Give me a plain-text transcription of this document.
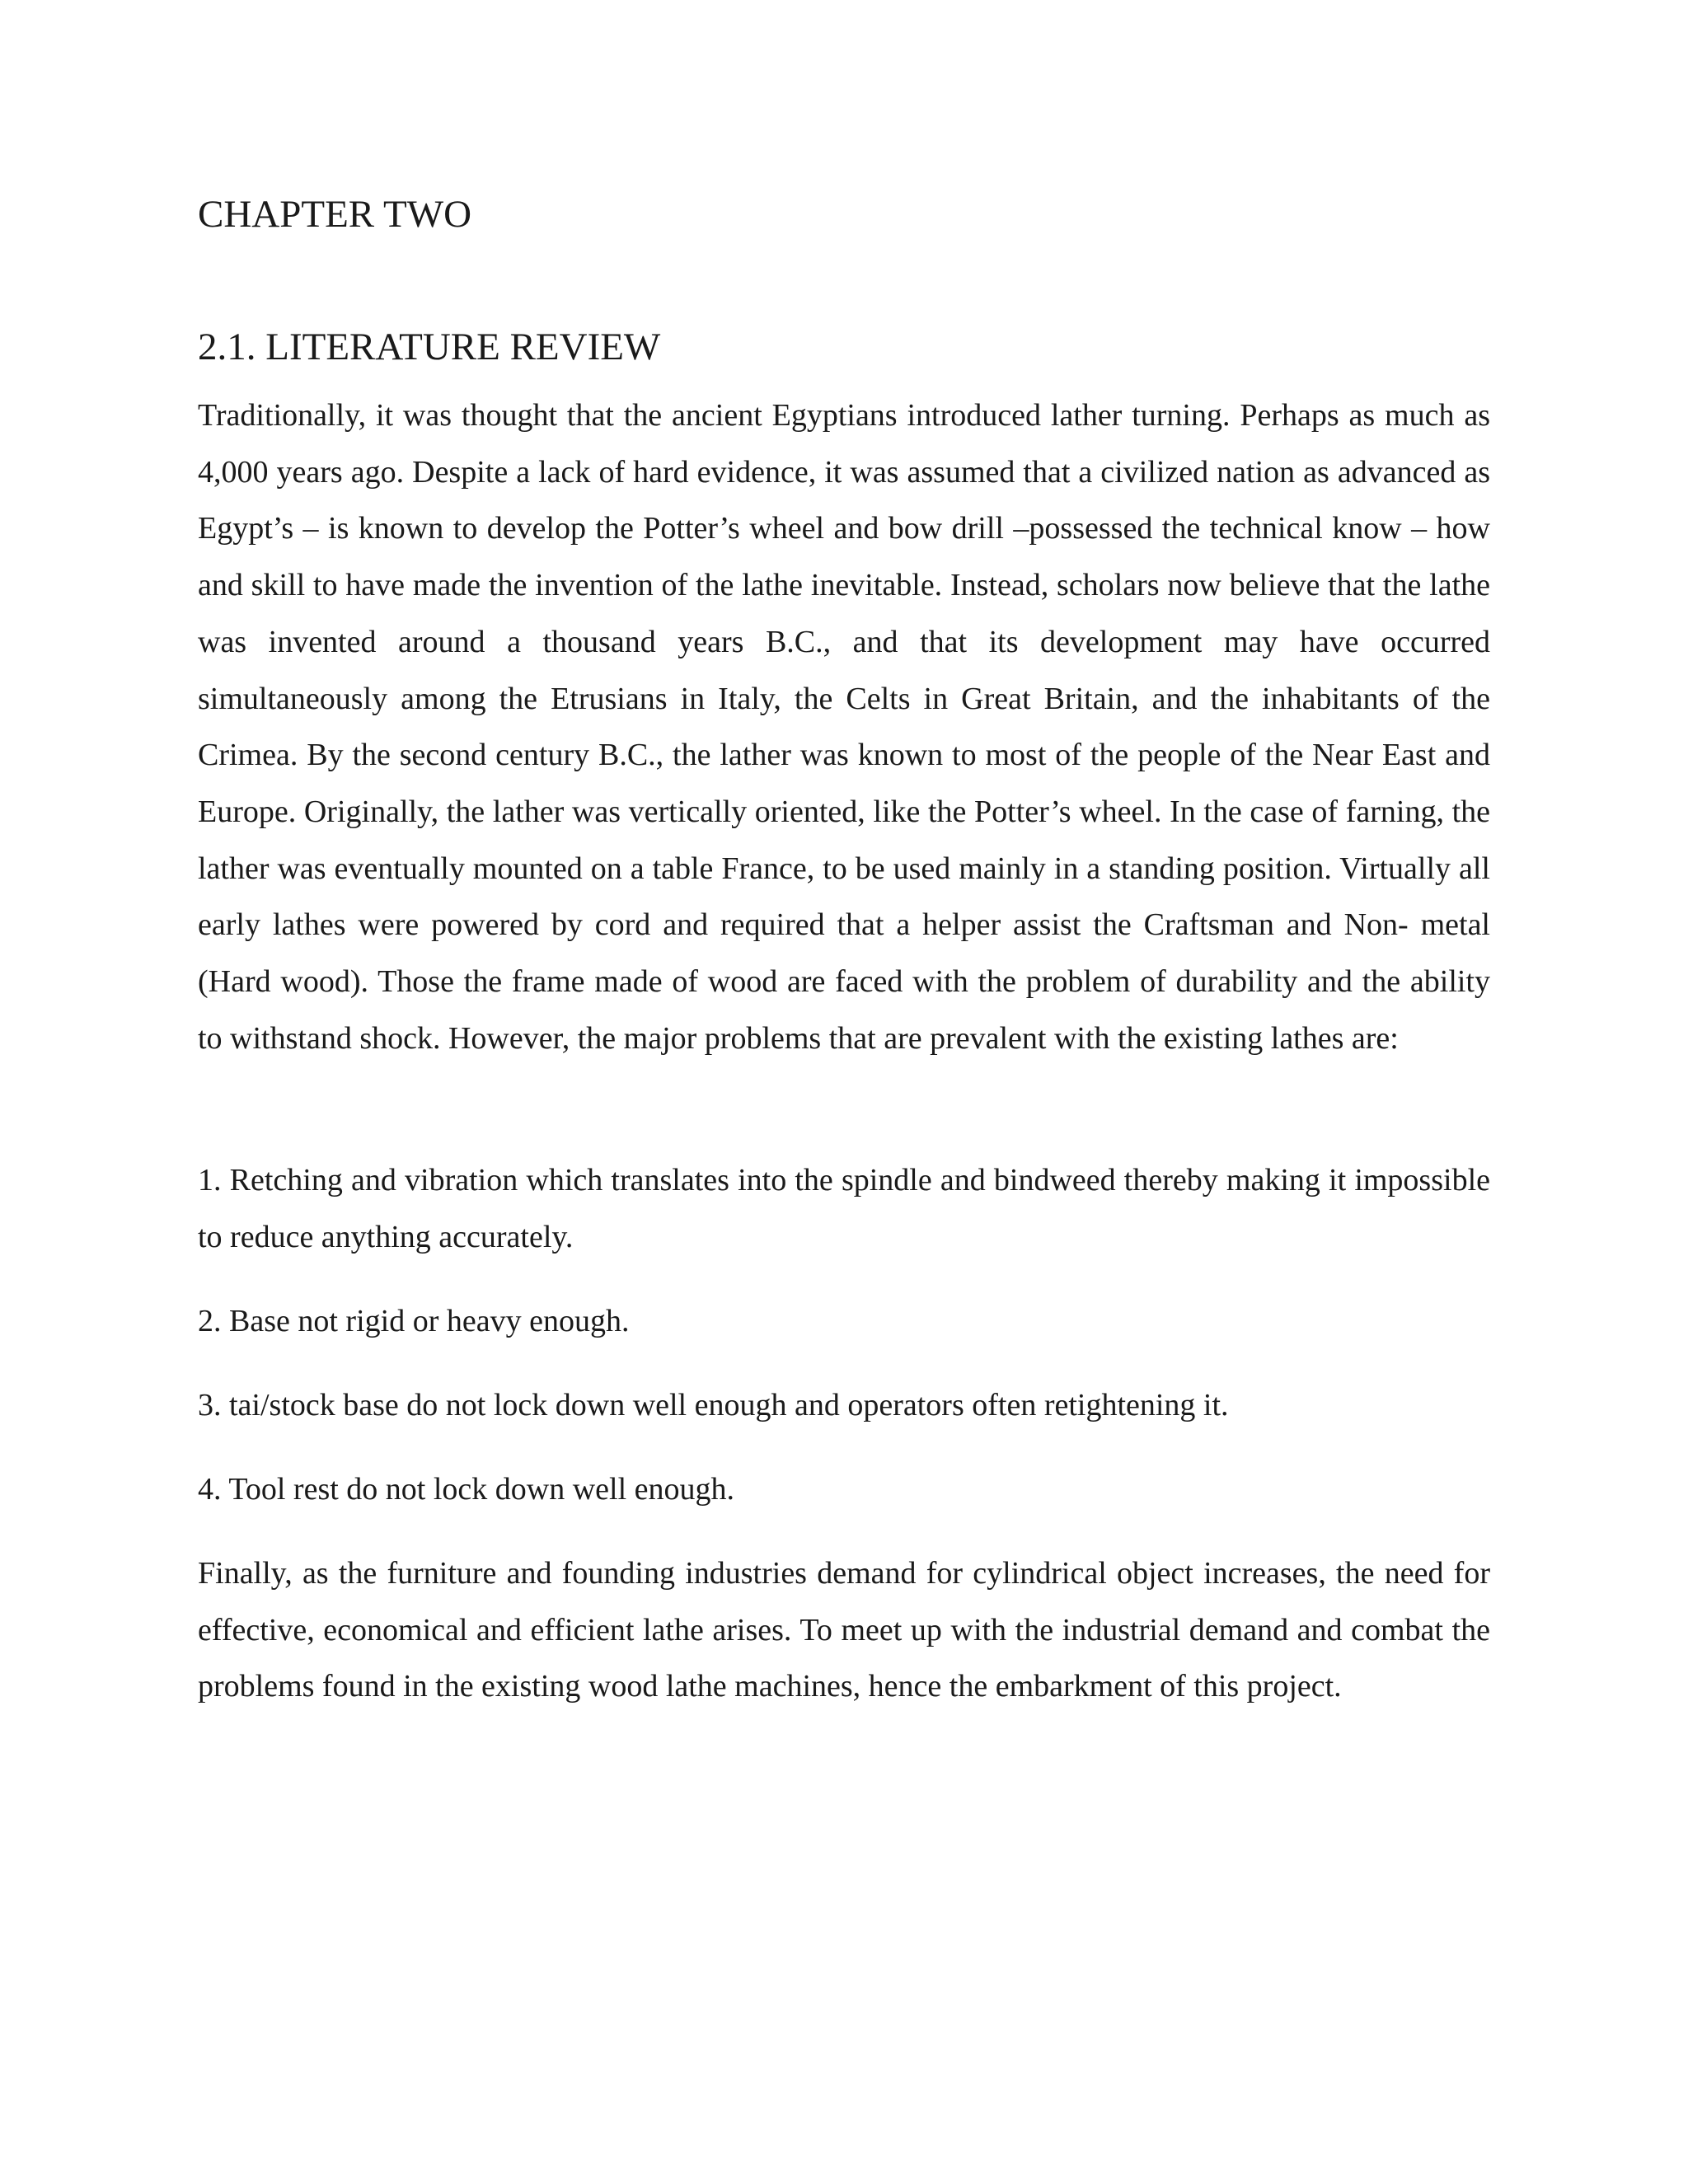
CHAPTER TWO
2.1. LITERATURE REVIEW

Traditionally, it was thought that the ancient Egyptians introduced lather turning. Perhaps as much as 4,000 years ago. Despite a lack of hard evidence, it was assumed that a civilized nation as advanced as Egypt’s – is known to develop the Potter’s wheel and bow drill –possessed the technical know – how and skill to have made the invention of the lathe inevitable. Instead, scholars now believe that the lathe was invented around a thousand years B.C., and that its development may have occurred simultaneously among the Etrusians in Italy, the Celts in Great Britain, and the inhabitants of the Crimea. By the second century B.C., the lather was known to most of the people of the Near East and Europe. Originally, the lather was vertically oriented, like the Potter’s wheel. In the case of farning, the lather was eventually mounted on a table France, to be used mainly in a standing position. Virtually all early lathes were powered by cord and required that a helper assist the Craftsman and Non- metal (Hard wood). Those the frame made of wood are faced with the problem of durability and the ability to withstand shock. However, the major problems that are prevalent with the existing lathes are:

1. Retching and vibration which translates into the spindle and bindweed thereby making it impossible to reduce anything accurately.

2. Base not rigid or heavy enough.

3. tai/stock base do not lock down well enough and operators often retightening it.

4. Tool rest do not lock down well enough.

Finally, as the furniture and founding industries demand for cylindrical object increases, the need for effective, economical and efficient lathe arises. To meet up with the industrial demand and combat the problems found in the existing wood lathe machines, hence the embarkment of this project.
